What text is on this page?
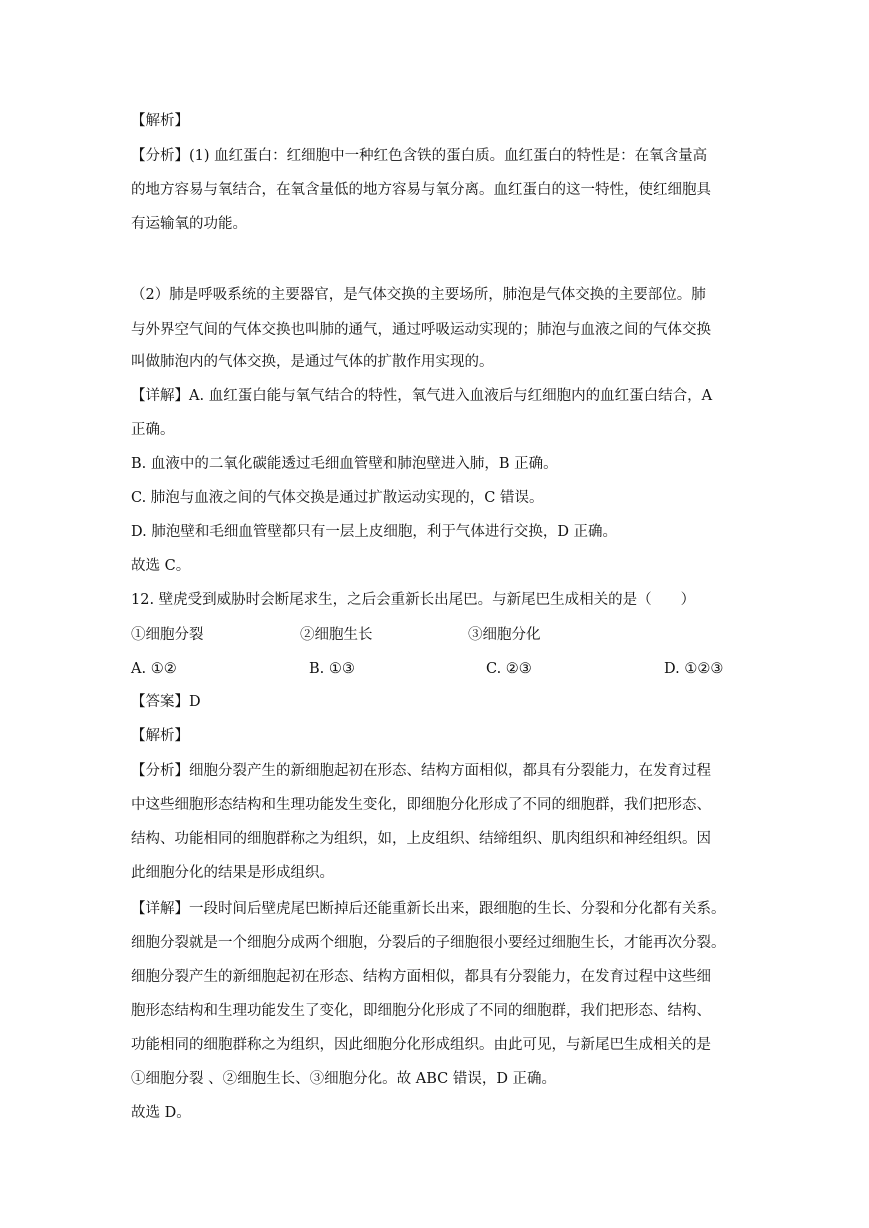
【解析】
【分析】(1) 血红蛋白：红细胞中一种红色含铁的蛋白质。血红蛋白的特性是：在氧含量高
的地方容易与氧结合，在氧含量低的地方容易与氧分离。血红蛋白的这一特性，使红细胞具
有运输氧的功能。
（2）肺是呼吸系统的主要器官，是气体交换的主要场所，肺泡是气体交换的主要部位。肺
与外界空气间的气体交换也叫肺的通气，通过呼吸运动实现的；肺泡与血液之间的气体交换
叫做肺泡内的气体交换，是通过气体的扩散作用实现的。
【详解】A. 血红蛋白能与氧气结合的特性，氧气进入血液后与红细胞内的血红蛋白结合，A
正确。
B. 血液中的二氧化碳能透过毛细血管壁和肺泡壁进入肺，B 正确。
C. 肺泡与血液之间的气体交换是通过扩散运动实现的，C 错误。
D. 肺泡壁和毛细血管壁都只有一层上皮细胞，利于气体进行交换，D 正确。
故选 C。
12. 壁虎受到威胁时会断尾求生，之后会重新长出尾巴。与新尾巴生成相关的是（　　）
①细胞分裂	②细胞生长	③细胞分化
A. ①②	B. ①③	C. ②③	D. ①②③
【答案】D
【解析】
【分析】细胞分裂产生的新细胞起初在形态、结构方面相似，都具有分裂能力，在发育过程
中这些细胞形态结构和生理功能发生变化，即细胞分化形成了不同的细胞群，我们把形态、
结构、功能相同的细胞群称之为组织，如，上皮组织、结缔组织、肌肉组织和神经组织。因
此细胞分化的结果是形成组织。
【详解】一段时间后壁虎尾巴断掉后还能重新长出来，跟细胞的生长、分裂和分化都有关系。
细胞分裂就是一个细胞分成两个细胞，分裂后的子细胞很小要经过细胞生长，才能再次分裂。
细胞分裂产生的新细胞起初在形态、结构方面相似，都具有分裂能力，在发育过程中这些细
胞形态结构和生理功能发生了变化，即细胞分化形成了不同的细胞群，我们把形态、结构、
功能相同的细胞群称之为组织，因此细胞分化形成组织。由此可见，与新尾巴生成相关的是
①细胞分裂 、②细胞生长、③细胞分化。故 ABC 错误，D 正确。
故选 D。
